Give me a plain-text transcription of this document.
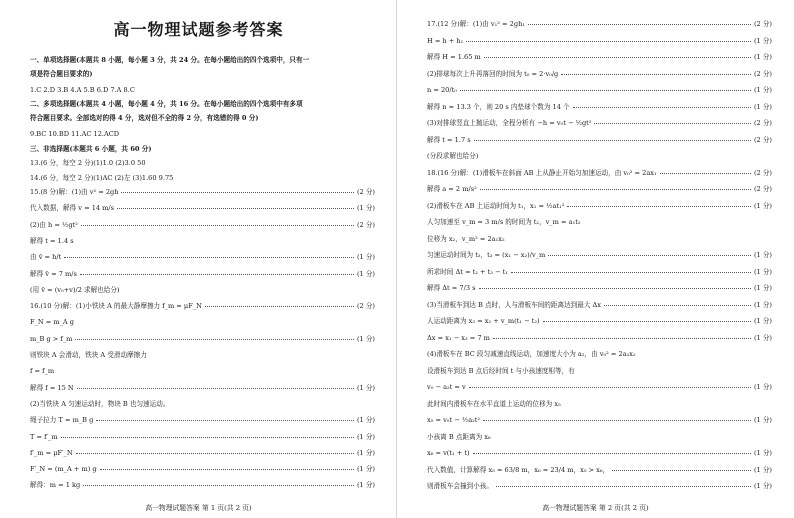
高一物理试题参考答案
一、单项选择题(本题共 8 小题，每小题 3 分，共 24 分。在每小题给出的四个选项中，只有一
项是符合题目要求的)
1.C 2.D 3.B 4.A 5.B 6.D 7.A 8.C
二、多项选择题(本题共 4 小题，每小题 4 分，共 16 分。在每小题给出的四个选项中有多项
符合题目要求。全部选对的得 4 分，选对但不全的得 2 分，有选错的得 0 分)
9.BC 10.BD 11.AC 12.ACD
三、非选择题(本题共 6 小题，共 60 分)
13.(6 分，每空 2 分)(1)1.0 (2)3.0 50
14.(6 分，每空 2 分)(1)AC (2)左 (3)1.60 9.75
15.(8 分)解：(1)由 v² = 2gh	(2 分)
代入数据，解得 v = 14 m/s	(1 分)
(2)由 h = ½gt²	(2 分)
解得 t = 1.4 s
由 v̄ = h/t	(1 分)
解得 v̄ = 7 m/s	(1 分)
(用 v̄ = (v₀+v)/2 求解也给分)
16.(10 分)解：(1)小铁块 A 的最大静摩擦力 f_m = μF_N	(2 分)
F_N = m_A g
m_B g > f_m	(1 分)
则铁块 A 会滑动，铁块 A 受滑动摩擦力
f = f_m
解得 f = 15 N	(1 分)
(2)当铁块 A 匀速运动时，物块 B 也匀速运动。
绳子拉力 T = m_B g	(1 分)
T = f′_m	(1 分)
f′_m = μF′_N	(1 分)
F′_N = (m_A + m) g	(1 分)
解得：m = 1 kg	(1 分)
高一物理试题答案 第 1 页(共 2 页)
17.(12 分)解：(1)由 v₁² = 2gh₁	(2 分)
H = h + h₁	(1 分)
解得 H = 1.65 m	(1 分)
(2)排球每次上升再落回的时间为 t₀ = 2·v₀/g	(2 分)
n = 20/t₀	(1 分)
解得 n ≈ 13.3 个，则 20 s 内垫球个数为 14 个	(1 分)
(3)对排球竖直上抛运动，全程分析有 −h = v₀t − ½gt²	(2 分)
解得 t = 1.7 s	(2 分)
(分段求解也给分)
18.(16 分)解：(1)滑板车在斜面 AB 上从静止开始匀加速运动，由 v₀² = 2ax₁	(2 分)
解得 a = 2 m/s²	(2 分)
(2)滑板车在 AB 上运动时间为 t₁，x₁ = ½at₁²	(1 分)
人匀加速至 v_m = 3 m/s 的时间为 t₂，v_m = a₁t₂
位移为 x₂，v_m² = 2a₁x₂
匀速运动时间为 t₃，t₃ = (x₁ − x₂)/v_m	(1 分)
所求时间 Δt = t₂ + t₃ − t₁	(1 分)
解得 Δt = 7/3 s	(1 分)
(3)当滑板车到达 B 点时，人与滑板车间的距离达到最大 Δx	(1 分)
人运动距离为 x₃ = x₂ + v_m(t₁ − t₂)	(1 分)
Δx = x₁ − x₃ = 7 m	(1 分)
(4)滑板车在 BC 段匀减速直线运动，加速度大小为 a₂，由 v₀² = 2a₂x₂
设滑板车到达 B 点后经时间 t 与小孩速度相等，有
v₀ − a₂t = v	(1 分)
此时间内滑板车在水平直道上运动的位移为 x₅
x₅ = v₀t − ½a₂t²	(1 分)
小孩离 B 点距离为 x₆
x₆ = v(t₁ + t)	(1 分)
代入数值，计算解得 x₅ = 63/8 m，x₆ = 23/4 m，x₅ > x₆，	(1 分)
则滑板车会撞到小孩。	(1 分)
高一物理试题答案 第 2 页(共 2 页)
